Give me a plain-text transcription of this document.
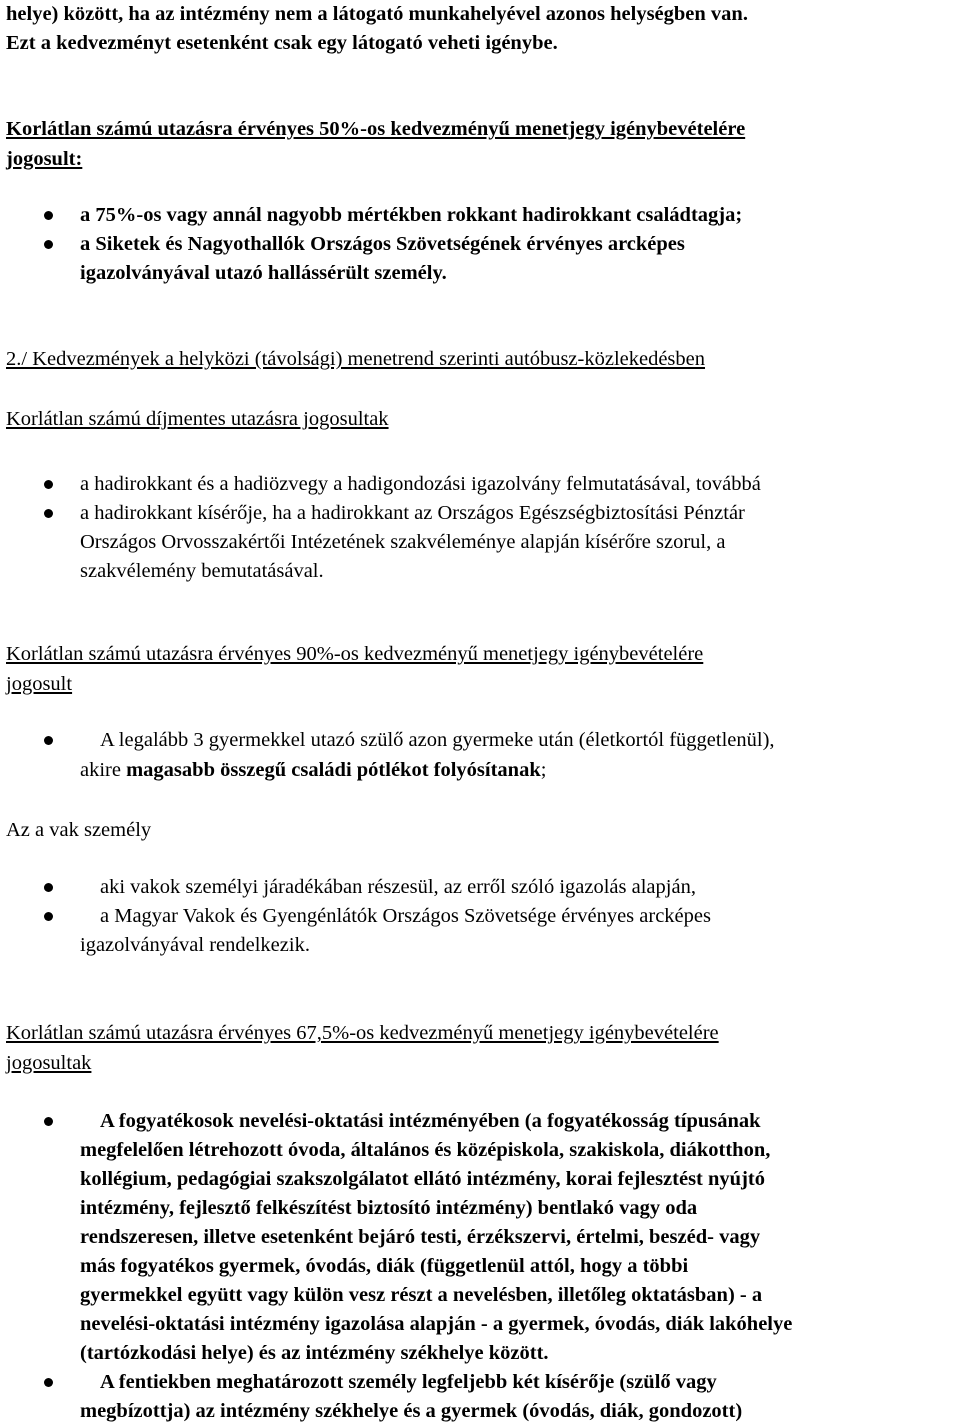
helye) között, ha az intézmény nem a látogató munkahelyével azonos helységben van.
Ezt a kedvezményt esetenként csak egy látogató veheti igénybe.
Korlátlan számú utazásra érvényes 50%-os kedvezményű menetjegy igénybevételére
jogosult:
a 75%-os vagy annál nagyobb mértékben rokkant hadirokkant családtagja;
a Siketek és Nagyothallók Országos Szövetségének érvényes arcképes
igazolványával utazó hallássérült személy.
2./ Kedvezmények a helyközi (távolsági) menetrend szerinti autóbusz-közlekedésben
Korlátlan számú díjmentes utazásra jogosultak
a hadirokkant és a hadiözvegy a hadigondozási igazolvány felmutatásával, továbbá
a hadirokkant kísérője, ha a hadirokkant az Országos Egészségbiztosítási Pénztár
Országos Orvosszakértői Intézetének szakvéleménye alapján kísérőre szorul, a
szakvélemény bemutatásával.
Korlátlan számú utazásra érvényes 90%-os kedvezményű menetjegy igénybevételére
jogosult
A legalább 3 gyermekkel utazó szülő azon gyermeke után (életkortól függetlenül),
akire magasabb összegű családi pótlékot folyósítanak;
Az a vak személy
aki vakok személyi járadékában részesül, az erről szóló igazolás alapján,
a Magyar Vakok és Gyengénlátók Országos Szövetsége érvényes arcképes
igazolványával rendelkezik.
Korlátlan számú utazásra érvényes 67,5%-os kedvezményű menetjegy igénybevételére
jogosultak
A fogyatékosok nevelési-oktatási intézményében (a fogyatékosság típusának
megfelelően létrehozott óvoda, általános és középiskola, szakiskola, diákotthon,
kollégium, pedagógiai szakszolgálatot ellátó intézmény, korai fejlesztést nyújtó
intézmény, fejlesztő felkészítést biztosító intézmény) bentlakó vagy oda
rendszeresen, illetve esetenként bejáró testi, érzékszervi, értelmi, beszéd- vagy
más fogyatékos gyermek, óvodás, diák (függetlenül attól, hogy a többi
gyermekkel együtt vagy külön vesz részt a nevelésben, illetőleg oktatásban) - a
nevelési-oktatási intézmény igazolása alapján - a gyermek, óvodás, diák lakóhelye
(tartózkodási helye) és az intézmény székhelye között.
A fentiekben meghatározott személy legfeljebb két kísérője (szülő vagy
megbízottja) az intézmény székhelye és a gyermek (óvodás, diák, gondozott)
